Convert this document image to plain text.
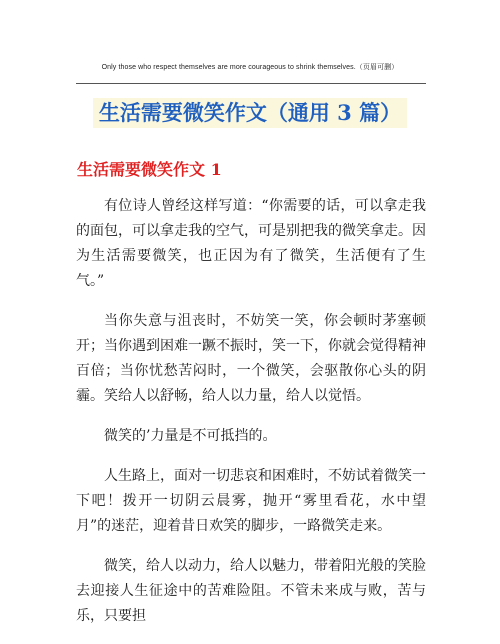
Only those who respect themselves are more courageous to shrink themselves.（页眉可删）
生活需要微笑作文（通用 3 篇）
生活需要微笑作文 1

有位诗人曾经这样写道：“你需要的话，可以拿走我的面包，可以拿走我的空气，可是别把我的微笑拿走。因为生活需要微笑，也正因为有了微笑，生活便有了生气。”

当你失意与沮丧时，不妨笑一笑，你会顿时茅塞顿开；当你遇到困难一蹶不振时，笑一下，你就会觉得精神百倍；当你忧愁苦闷时，一个微笑，会驱散你心头的阴霾。笑给人以舒畅，给人以力量，给人以觉悟。

微笑的’力量是不可抵挡的。

人生路上，面对一切悲哀和困难时，不妨试着微笑一下吧！拨开一切阴云晨雾，抛开“雾里看花，水中望月”的迷茫，迎着昔日欢笑的脚步，一路微笑走来。

微笑，给人以动力，给人以魅力，带着阳光般的笑脸去迎接人生征途中的苦难险阻。不管未来成与败，苦与乐，只要担
